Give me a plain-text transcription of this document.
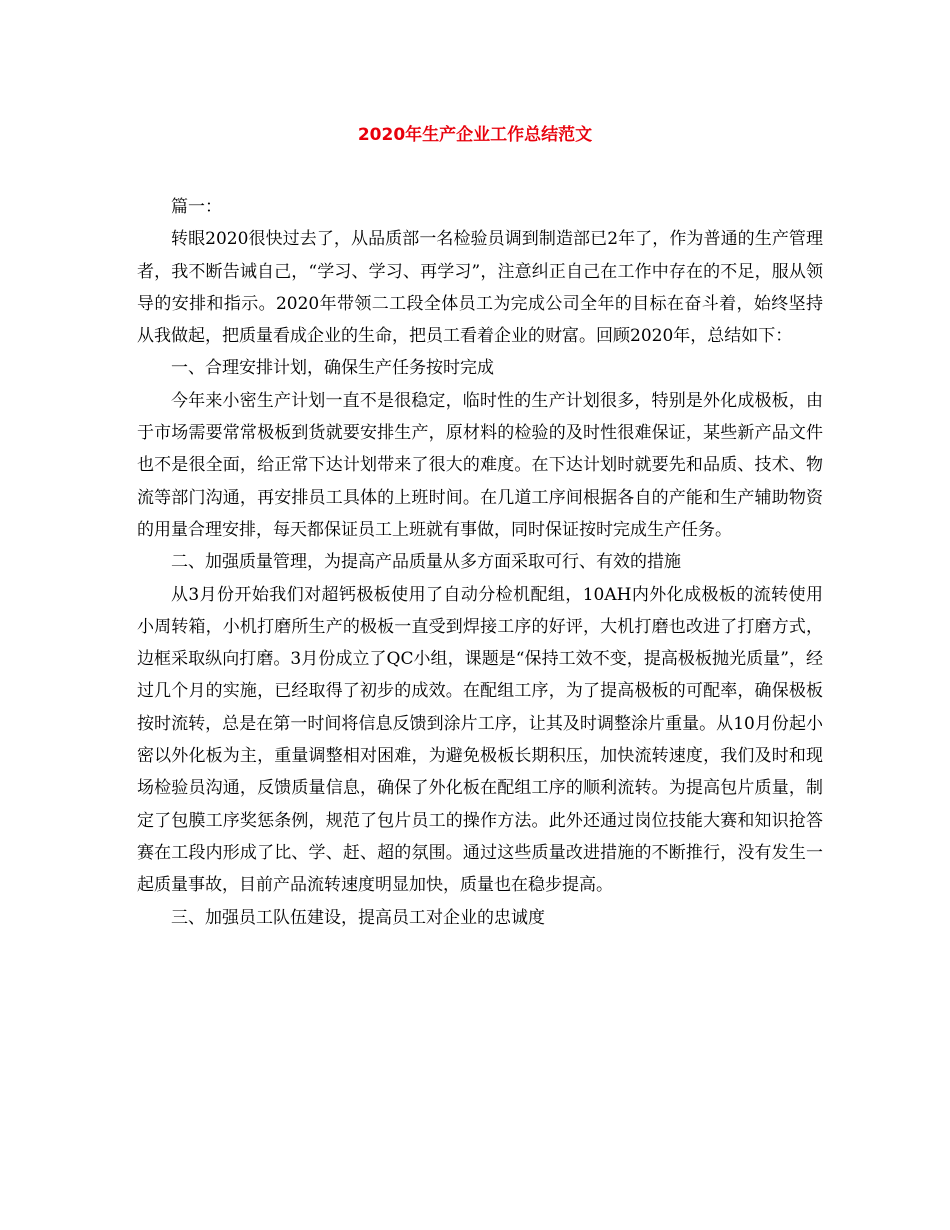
2020年生产企业工作总结范文

篇一：

转眼2020很快过去了，从品质部一名检验员调到制造部已2年了，作为普通的生产管理者，我不断告诫自己，“学习、学习、再学习”，注意纠正自己在工作中存在的不足，服从领导的安排和指示。2020年带领二工段全体员工为完成公司全年的目标在奋斗着，始终坚持从我做起，把质量看成企业的生命，把员工看着企业的财富。回顾2020年，总结如下：

一、合理安排计划，确保生产任务按时完成

今年来小密生产计划一直不是很稳定，临时性的生产计划很多，特别是外化成极板，由于市场需要常常极板到货就要安排生产，原材料的检验的及时性很难保证，某些新产品文件也不是很全面，给正常下达计划带来了很大的难度。在下达计划时就要先和品质、技术、物流等部门沟通，再安排员工具体的上班时间。在几道工序间根据各自的产能和生产辅助物资的用量合理安排，每天都保证员工上班就有事做，同时保证按时完成生产任务。

二、加强质量管理，为提高产品质量从多方面采取可行、有效的措施

从3月份开始我们对超钙极板使用了自动分检机配组，10AH内外化成极板的流转使用小周转箱，小机打磨所生产的极板一直受到焊接工序的好评，大机打磨也改进了打磨方式，边框采取纵向打磨。3月份成立了QC小组，课题是“保持工效不变，提高极板抛光质量”，经过几个月的实施，已经取得了初步的成效。在配组工序，为了提高极板的可配率，确保极板按时流转，总是在第一时间将信息反馈到涂片工序，让其及时调整涂片重量。从10月份起小密以外化板为主，重量调整相对困难，为避免极板长期积压，加快流转速度，我们及时和现场检验员沟通，反馈质量信息，确保了外化板在配组工序的顺利流转。为提高包片质量，制定了包膜工序奖惩条例，规范了包片员工的操作方法。此外还通过岗位技能大赛和知识抢答赛在工段内形成了比、学、赶、超的氛围。通过这些质量改进措施的不断推行，没有发生一起质量事故，目前产品流转速度明显加快，质量也在稳步提高。

三、加强员工队伍建设，提高员工对企业的忠诚度
